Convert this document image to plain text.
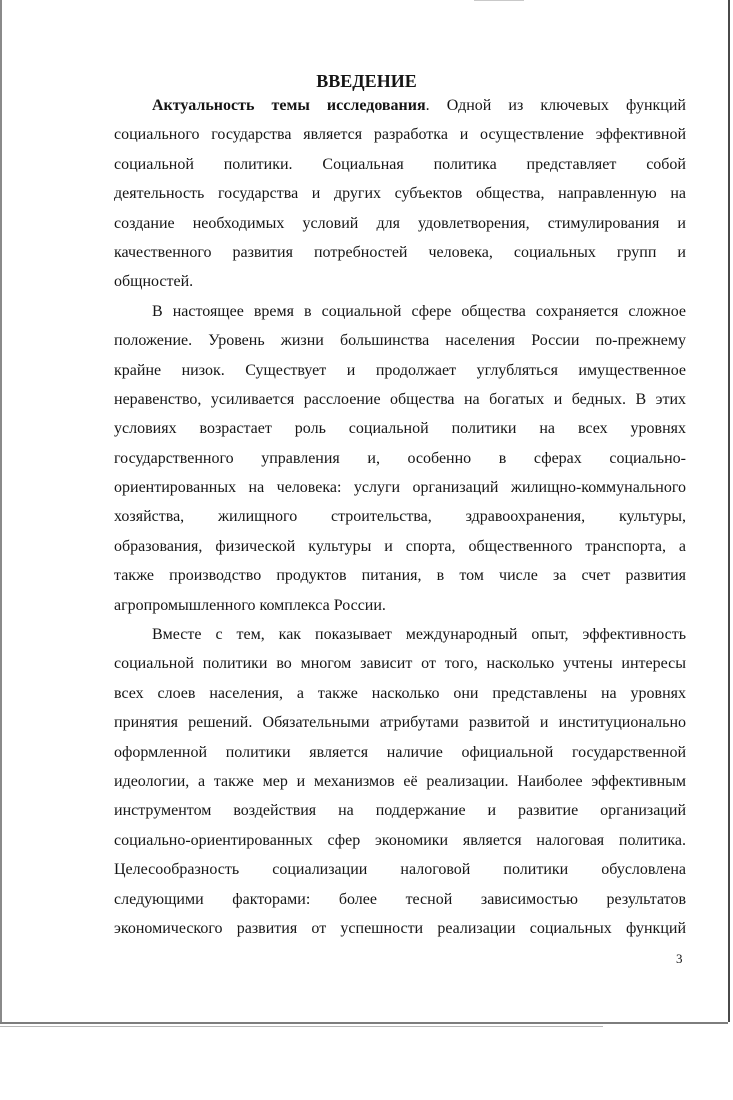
ВВЕДЕНИЕ
Актуальность темы исследования. Одной из ключевых функций
социального государства является разработка и осуществление эффективной
социальной политики. Социальная политика представляет собой
деятельность государства и других субъектов общества, направленную на
создание необходимых условий для удовлетворения, стимулирования и
качественного развития потребностей человека, социальных групп и
общностей.
В настоящее время в социальной сфере общества сохраняется сложное
положение. Уровень жизни большинства населения России по-прежнему
крайне низок. Существует и продолжает углубляться имущественное
неравенство, усиливается расслоение общества на богатых и бедных. В этих
условиях возрастает роль социальной политики на всех уровнях
государственного управления и, особенно в сферах социально-
ориентированных на человека: услуги организаций жилищно-коммунального
хозяйства, жилищного строительства, здравоохранения, культуры,
образования, физической культуры и спорта, общественного транспорта, а
также производство продуктов питания, в том числе за счет развития
агропромышленного комплекса России.
Вместе с тем, как показывает международный опыт, эффективность
социальной политики во многом зависит от того, насколько учтены интересы
всех слоев населения, а также насколько они представлены на уровнях
принятия решений. Обязательными атрибутами развитой и институционально
оформленной политики является наличие официальной государственной
идеологии, а также мер и механизмов её реализации. Наиболее эффективным
инструментом воздействия на поддержание и развитие организаций
социально-ориентированных сфер экономики является налоговая политика.
Целесообразность социализации налоговой политики обусловлена
следующими факторами: более тесной зависимостью результатов
экономического развития от успешности реализации социальных функций
3
